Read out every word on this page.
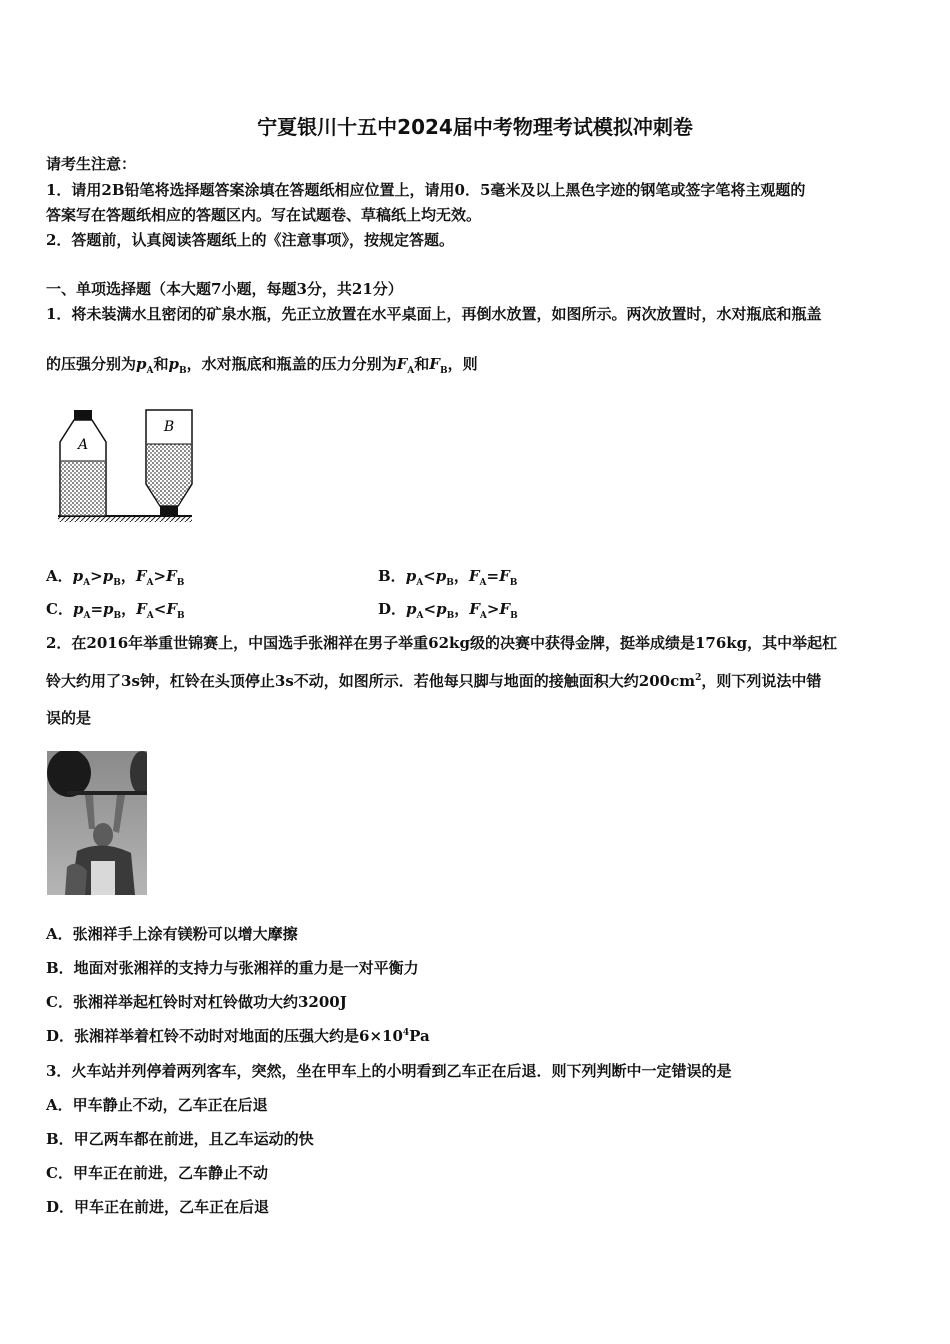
宁夏银川十五中2024届中考物理考试模拟冲刺卷
请考生注意：
1．请用2B铅笔将选择题答案涂填在答题纸相应位置上，请用0．5毫米及以上黑色字迹的钢笔或签字笔将主观题的
答案写在答题纸相应的答题区内。写在试题卷、草稿纸上均无效。
2．答题前，认真阅读答题纸上的《注意事项》，按规定答题。
一、单项选择题（本大题7小题，每题3分，共21分）
1．将未装满水且密闭的矿泉水瓶，先正立放置在水平桌面上，再倒水放置，如图所示。两次放置时，水对瓶底和瓶盖
的压强分别为$p_A$和$p_B$，水对瓶底和瓶盖的压力分别为$F_A$和$F_B$，则
A
B
A．$p_A>p_B$，$F_A>F_B$	B．$p_A<p_B$，$F_A=F_B$
C．$p_A=p_B$，$F_A<F_B$	D．$p_A<p_B$，$F_A>F_B$
2．在2016年举重世锦赛上，中国选手张湘祥在男子举重62kg级的决赛中获得金牌，挺举成绩是176kg，其中举起杠
铃大约用了3s钟，杠铃在头顶停止3s不动，如图所示．若他每只脚与地面的接触面积大约$200cm^2$，则下列说法中错
误的是
A．张湘祥手上涂有镁粉可以增大摩擦
B．地面对张湘祥的支持力与张湘祥的重力是一对平衡力
C．张湘祥举起杠铃时对杠铃做功大约3200J
D．张湘祥举着杠铃不动时对地面的压强大约是$6\times 10^4Pa$
3．火车站并列停着两列客车，突然，坐在甲车上的小明看到乙车正在后退．则下列判断中一定错误的是
A．甲车静止不动，乙车正在后退
B．甲乙两车都在前进，且乙车运动的快
C．甲车正在前进，乙车静止不动
D．甲车正在前进，乙车正在后退
